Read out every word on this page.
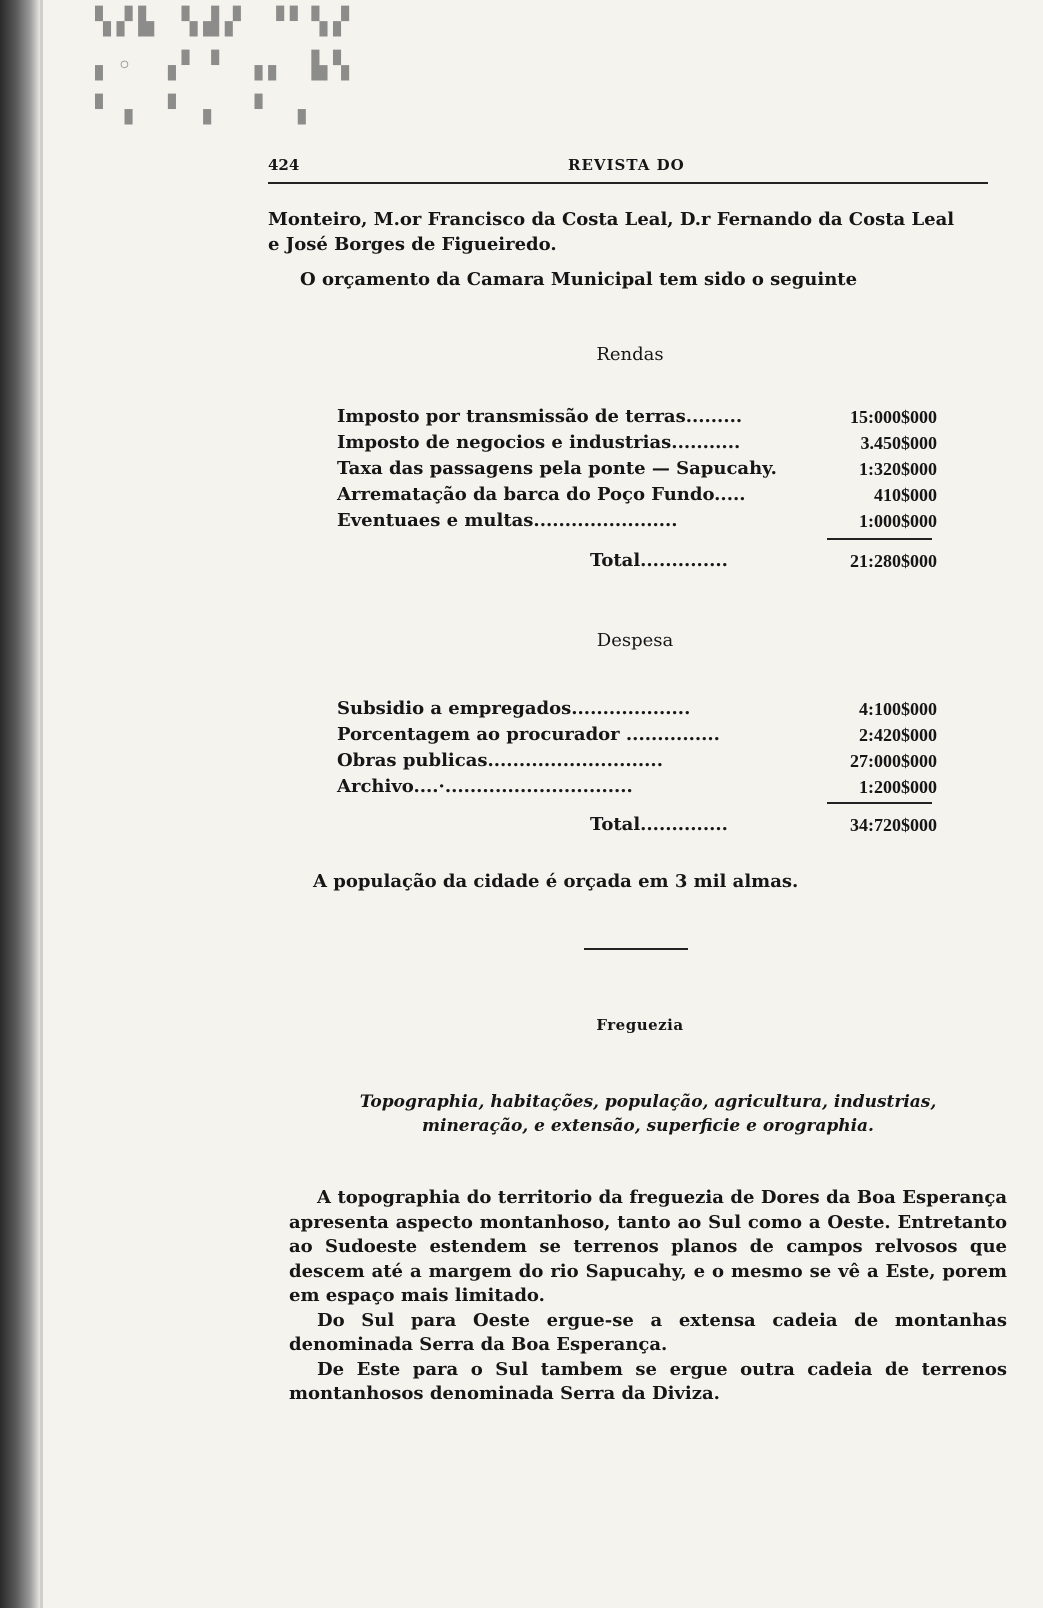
▚▞▙ ▚▟▞ ▝▘▚▞
▖◦ ▗▘▝ ▗▖ ▙▚
▘▗ ▝ ▖ ▝ ▗
424	REVISTA DO
Monteiro, M.or Francisco da Costa Leal, D.r Fernando da Costa Leal
e José Borges de Figueiredo.
O orçamento da Camara Municipal tem sido o seguinte
Rendas
Imposto por transmissão de terras.........	15:000$000
Imposto de negocios e industrias...........	3.450$000
Taxa das passagens pela ponte — Sapucahy.	1:320$000
Arrematação da barca do Poço Fundo.....	410$000
Eventuaes e multas.......................	1:000$000
Total..............	21:280$000
Despesa
Subsidio a empregados...................	4:100$000
Porcentagem ao procurador ...............	2:420$000
Obras publicas............................	27:000$000
Archivo....·..............................	1:200$000
Total..............	34:720$000
A população da cidade é orçada em 3 mil almas.
Freguezia
Topographia, habitações, população, agricultura, industrias,
mineração, e extensão, superficie e orographia.

A topographia do territorio da freguezia de Dores da Boa Esperança apresenta aspecto montanhoso, tanto ao Sul como a Oeste. Entretanto ao Sudoeste estendem se terrenos planos de campos relvosos que descem até a margem do rio Sapucahy, e o mesmo se vê a Este, porem em espaço mais limitado.

Do Sul para Oeste ergue-se a extensa cadeia de montanhas denominada Serra da Boa Esperança.

De Este para o Sul tambem se ergue outra cadeia de terrenos montanhosos denominada Serra da Diviza.
